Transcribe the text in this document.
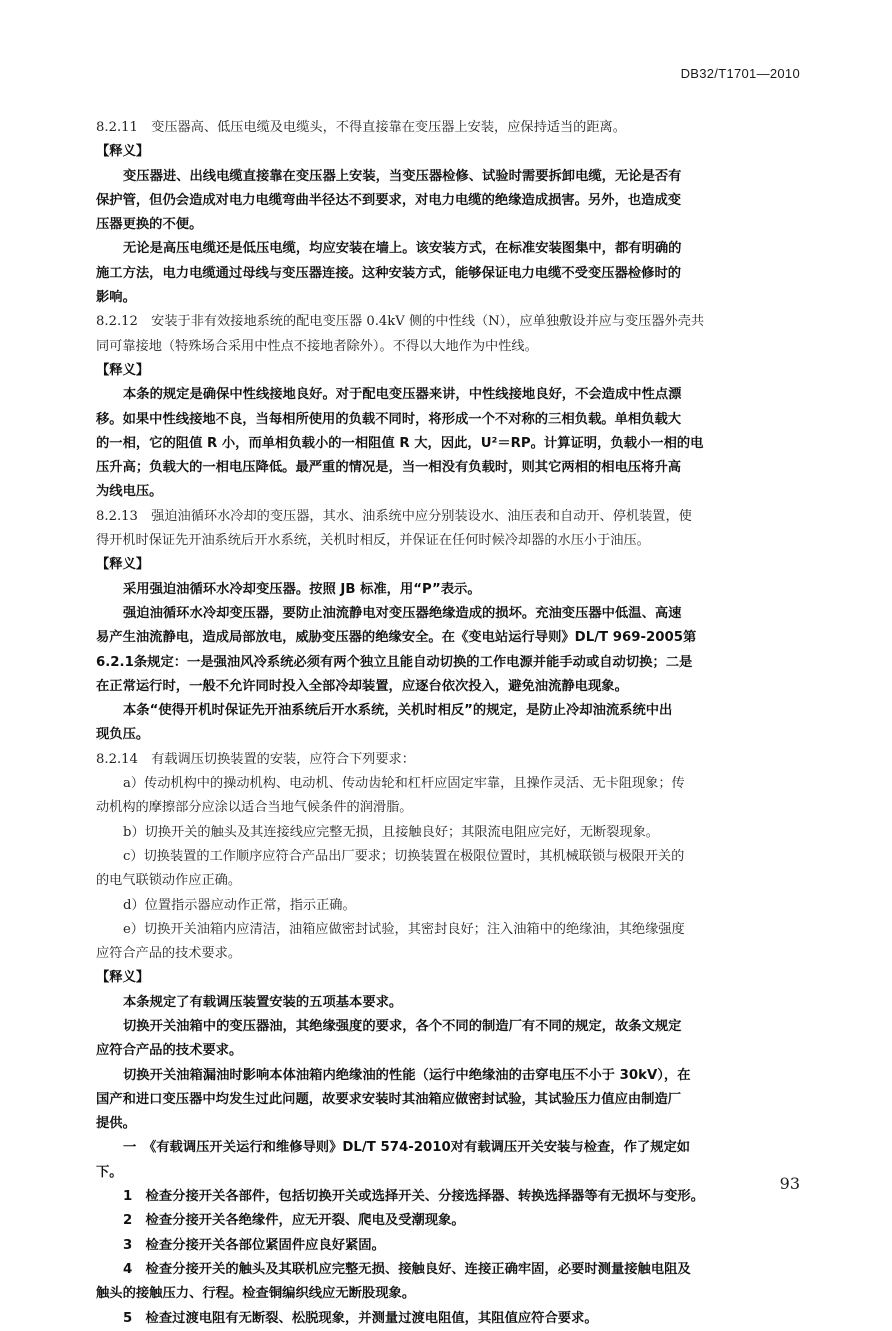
DB32/T1701—2010

8.2.11　变压器高、低压电缆及电缆头，不得直接靠在变压器上安装，应保持适当的距离。

【释义】

变压器进、出线电缆直接靠在变压器上安装，当变压器检修、试验时需要拆卸电缆，无论是否有

保护管，但仍会造成对电力电缆弯曲半径达不到要求，对电力电缆的绝缘造成损害。另外，也造成变

压器更换的不便。

无论是高压电缆还是低压电缆，均应安装在墙上。该安装方式，在标准安装图集中，都有明确的

施工方法，电力电缆通过母线与变压器连接。这种安装方式，能够保证电力电缆不受变压器检修时的

影响。

8.2.12　安装于非有效接地系统的配电变压器 0.4kV 侧的中性线（N），应单独敷设并应与变压器外壳共

同可靠接地（特殊场合采用中性点不接地者除外）。不得以大地作为中性线。

【释义】

本条的规定是确保中性线接地良好。对于配电变压器来讲，中性线接地良好，不会造成中性点漂

移。如果中性线接地不良，当每相所使用的负载不同时，将形成一个不对称的三相负载。单相负载大

的一相，它的阻值 R 小，而单相负载小的一相阻值 R 大，因此，U²＝RP。计算证明，负载小一相的电

压升高；负载大的一相电压降低。最严重的情况是，当一相没有负载时，则其它两相的相电压将升高

为线电压。

8.2.13　强迫油循环水冷却的变压器，其水、油系统中应分别装设水、油压表和自动开、停机装置，使

得开机时保证先开油系统后开水系统，关机时相反，并保证在任何时候冷却器的水压小于油压。

【释义】

采用强迫油循环水冷却变压器。按照 JB 标准，用“P”表示。

强迫油循环水冷却变压器，要防止油流静电对变压器绝缘造成的损坏。充油变压器中低温、高速

易产生油流静电，造成局部放电，威胁变压器的绝缘安全。在《变电站运行导则》DL/T 969-2005第

6.2.1条规定：一是强油风冷系统必须有两个独立且能自动切换的工作电源并能手动或自动切换；二是

在正常运行时，一般不允许同时投入全部冷却装置，应逐台依次投入，避免油流静电现象。

本条“使得开机时保证先开油系统后开水系统，关机时相反”的规定，是防止冷却油流系统中出

现负压。

8.2.14　有载调压切换装置的安装，应符合下列要求：

a）传动机构中的操动机构、电动机、传动齿轮和杠杆应固定牢靠，且操作灵活、无卡阻现象；传

动机构的摩擦部分应涂以适合当地气候条件的润滑脂。

b）切换开关的触头及其连接线应完整无损，且接触良好；其限流电阻应完好，无断裂现象。

c）切换装置的工作顺序应符合产品出厂要求；切换装置在极限位置时，其机械联锁与极限开关的

的电气联锁动作应正确。

d）位置指示器应动作正常，指示正确。

e）切换开关油箱内应清洁，油箱应做密封试验，其密封良好；注入油箱中的绝缘油，其绝缘强度

应符合产品的技术要求。

【释义】

本条规定了有载调压装置安装的五项基本要求。

切换开关油箱中的变压器油，其绝缘强度的要求，各个不同的制造厂有不同的规定，故条文规定

应符合产品的技术要求。

切换开关油箱漏油时影响本体油箱内绝缘油的性能（运行中绝缘油的击穿电压不小于 30kV），在

国产和进口变压器中均发生过此问题，故要求安装时其油箱应做密封试验，其试验压力值应由制造厂

提供。

一　《有载调压开关运行和维修导则》DL/T 574-2010对有载调压开关安装与检查，作了规定如

下。

1　检查分接开关各部件，包括切换开关或选择开关、分接选择器、转换选择器等有无损坏与变形。

2　检查分接开关各绝缘件，应无开裂、爬电及受潮现象。

3　检查分接开关各部位紧固件应良好紧固。

4　检查分接开关的触头及其联机应完整无损、接触良好、连接正确牢固，必要时测量接触电阻及

触头的接触压力、行程。检查铜编织线应无断股现象。

5　检查过渡电阻有无断裂、松脱现象，并测量过渡电阻值，其阻值应符合要求。

93
